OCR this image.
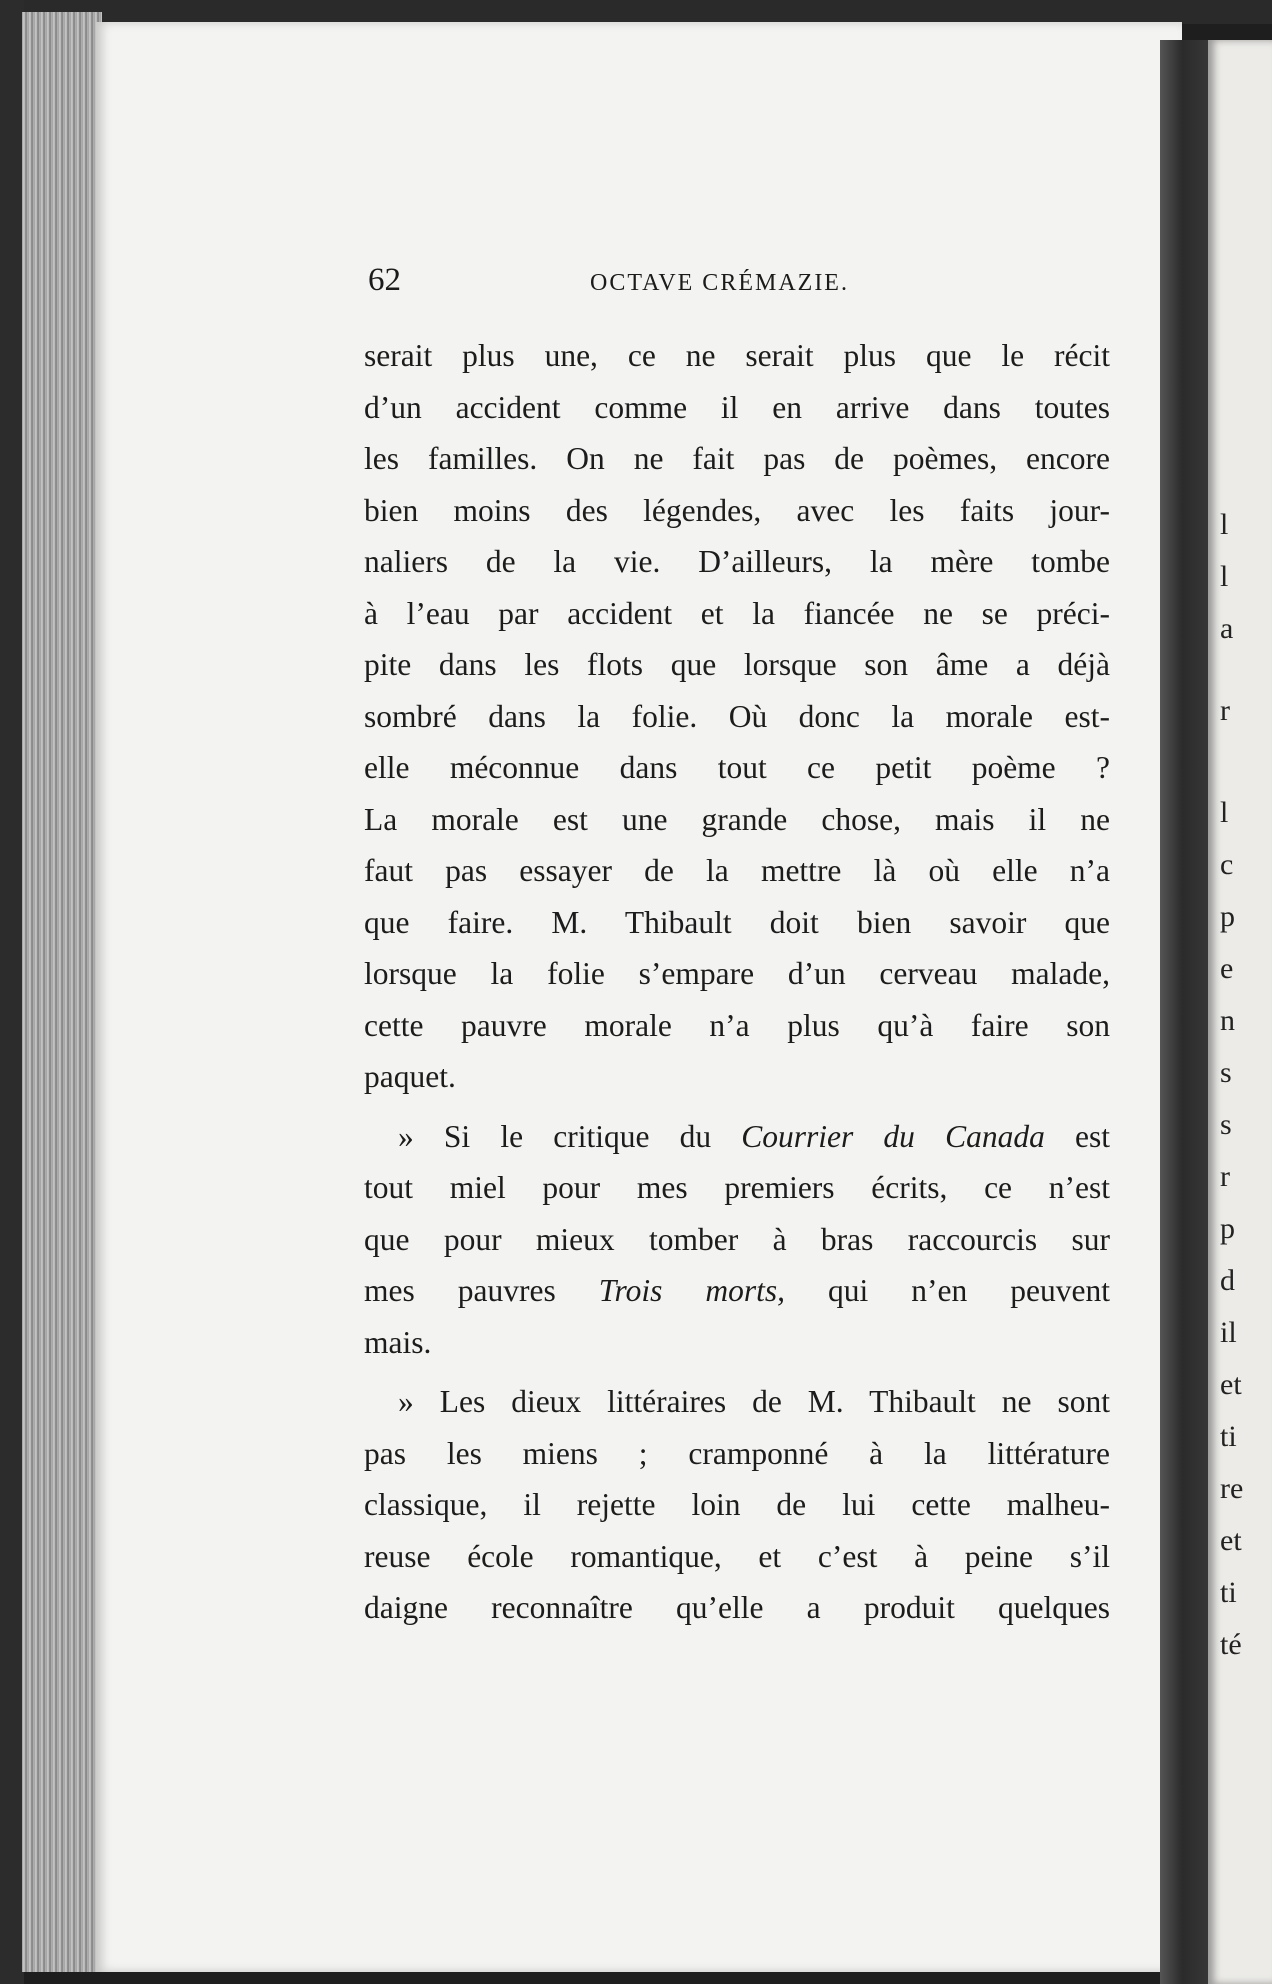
l
l
a
r
l
c
p
e
n
s
s
r
p
d
il
et
ti
re
et
ti
té
62	OCTAVE CRÉMAZIE.
serait plus une, ce ne serait plus que le récit
d’un accident comme il en arrive dans toutes
les familles. On ne fait pas de poèmes, encore
bien moins des légendes, avec les faits jour-
naliers de la vie. D’ailleurs, la mère tombe
à l’eau par accident et la fiancée ne se préci-
pite dans les flots que lorsque son âme a déjà
sombré dans la folie. Où donc la morale est-
elle méconnue dans tout ce petit poème ?
La morale est une grande chose, mais il ne
faut pas essayer de la mettre là où elle n’a
que faire. M. Thibault doit bien savoir que
lorsque la folie s’empare d’un cerveau malade,
cette pauvre morale n’a plus qu’à faire son
paquet.
» Si le critique du Courrier du Canada est
tout miel pour mes premiers écrits, ce n’est
que pour mieux tomber à bras raccourcis sur
mes pauvres Trois morts, qui n’en peuvent
mais.
» Les dieux littéraires de M. Thibault ne sont
pas les miens ; cramponné à la littérature
classique, il rejette loin de lui cette malheu-
reuse école romantique, et c’est à peine s’il
daigne reconnaître qu’elle a produit quelques
